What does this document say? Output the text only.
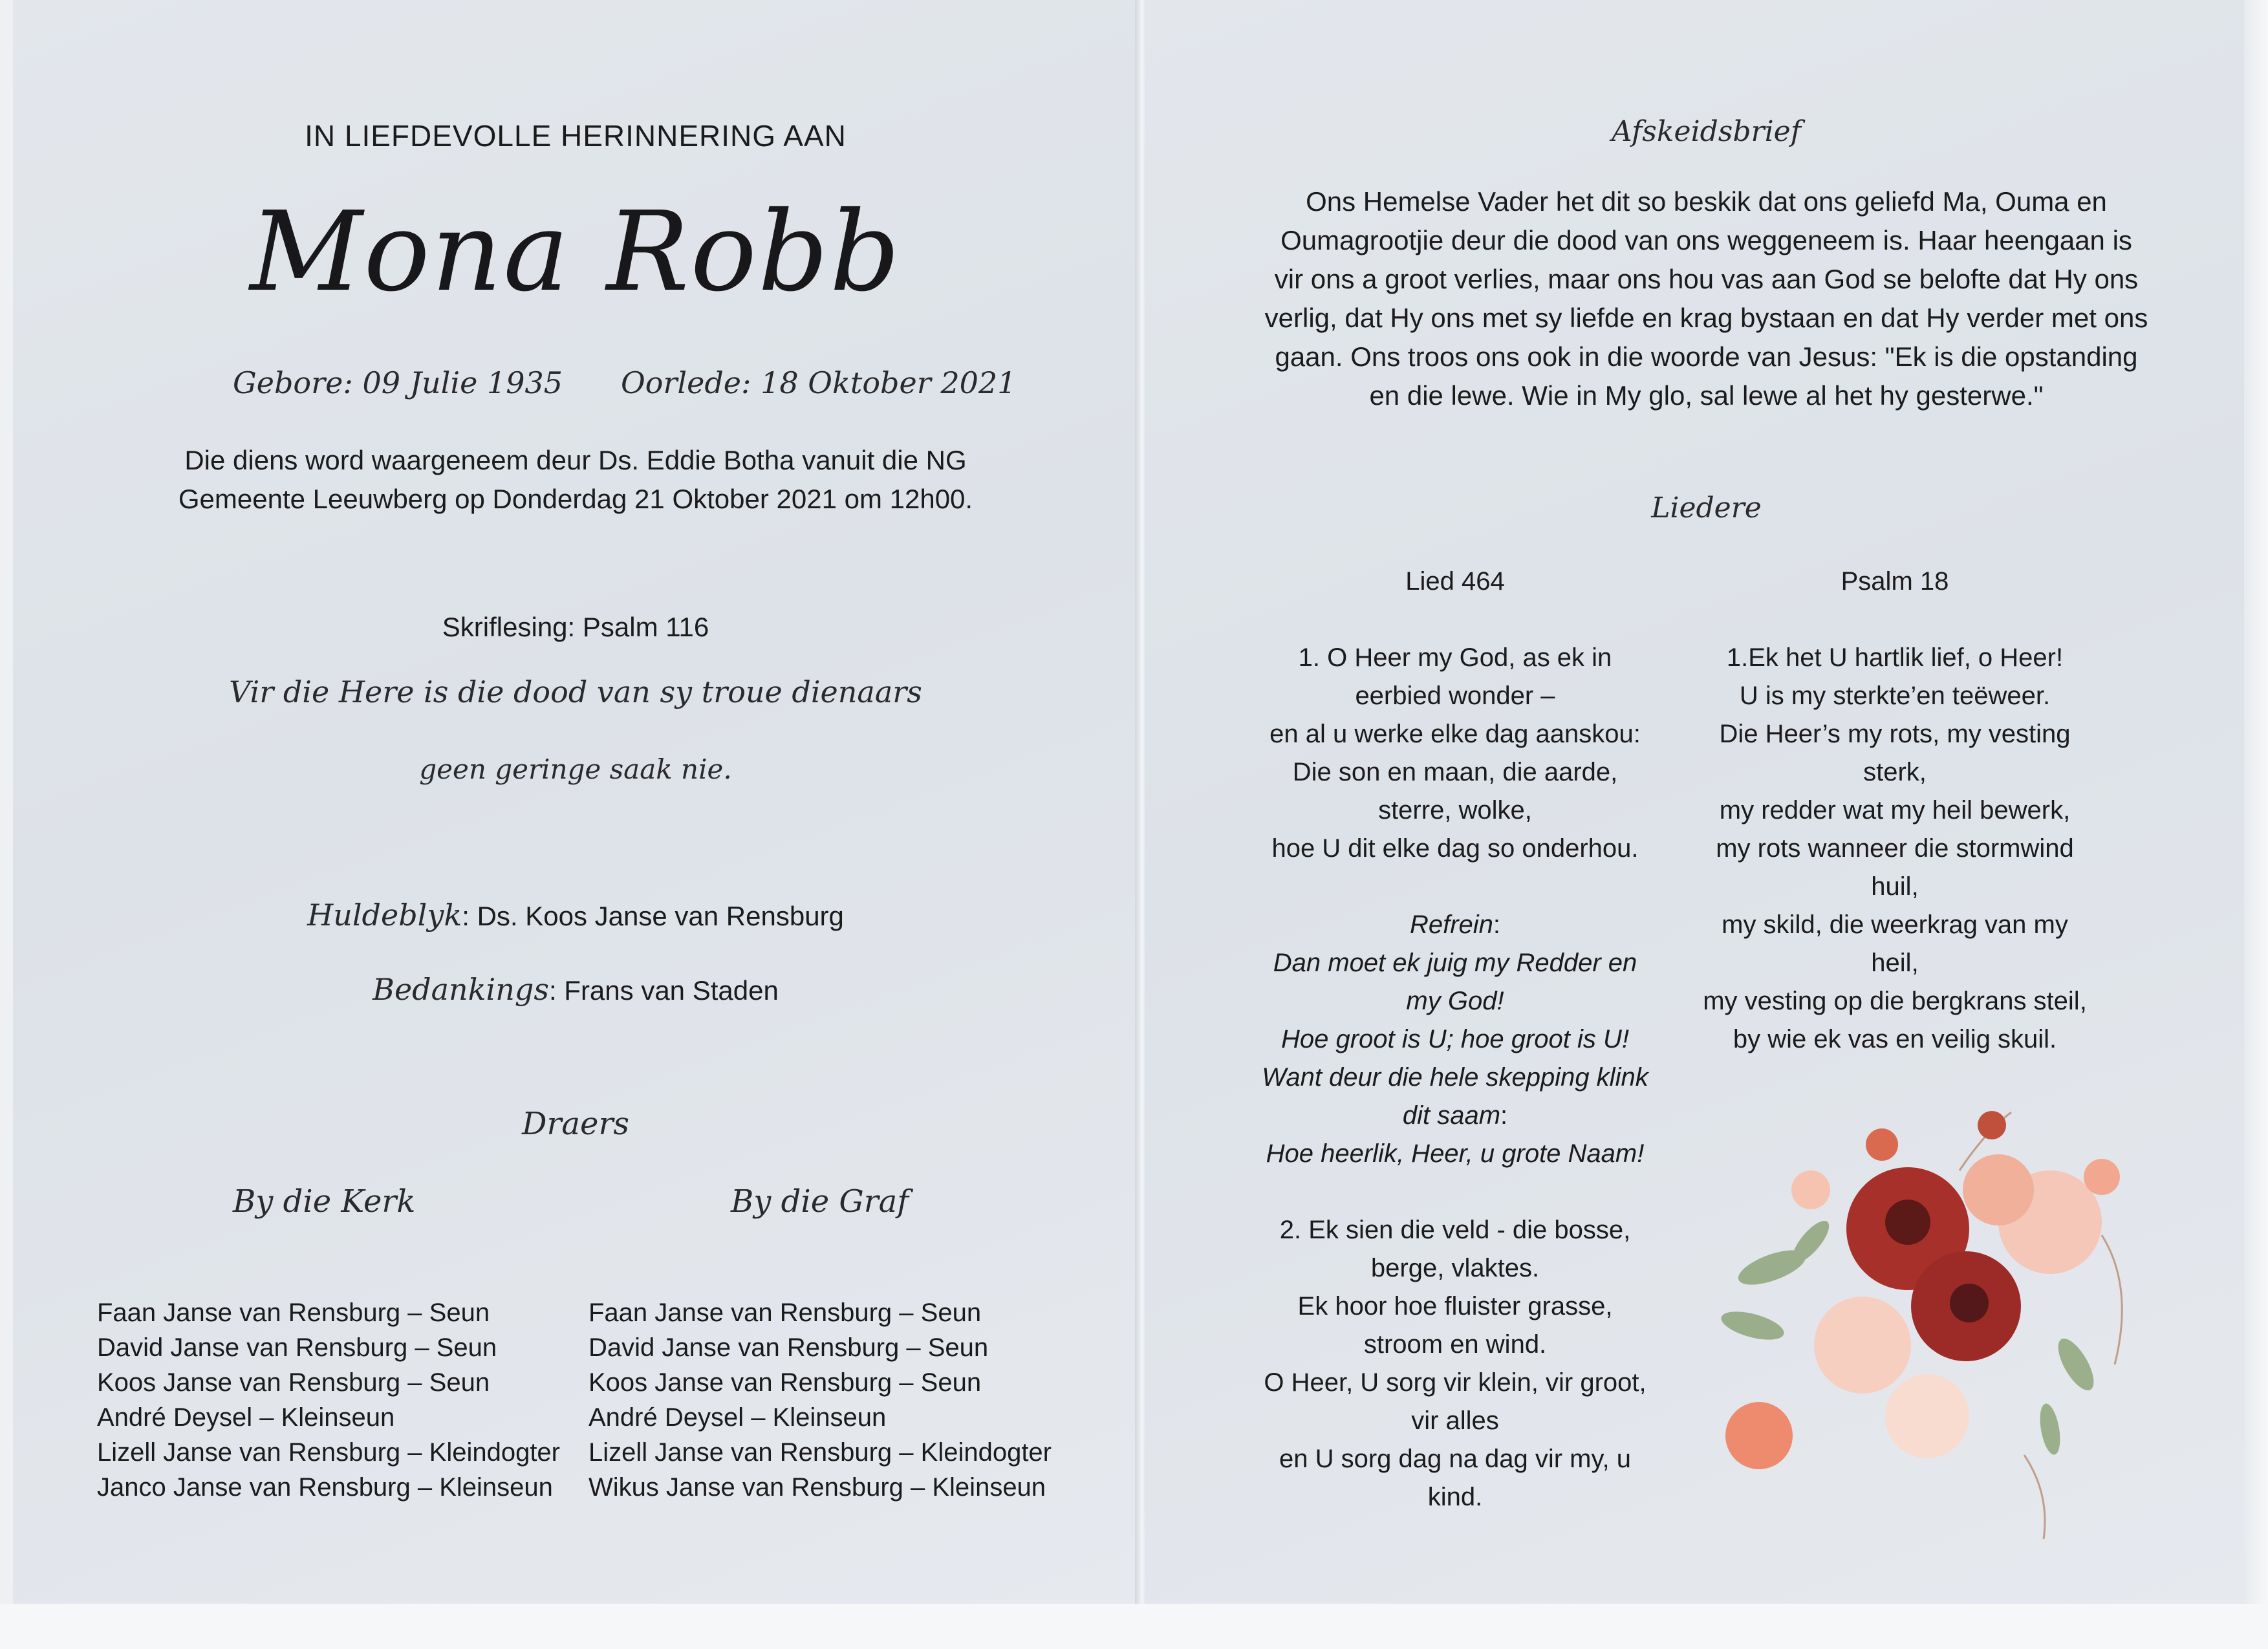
IN LIEFDEVOLLE HERINNERING AAN
Mona Robb
Gebore: 09 Julie 1935 Oorlede: 18 Oktober 2021
Die diens word waargeneem deur Ds. Eddie Botha vanuit die NG
Gemeente Leeuwberg op Donderdag 21 Oktober 2021 om 12h00.
Skriflesing: Psalm 116
Vir die Here is die dood van sy troue dienaars
geen geringe saak nie.
Huldeblyk: Ds. Koos Janse van Rensburg
Bedankings: Frans van Staden
Draers
By die Kerk	By die Graf
Faan Janse van Rensburg – Seun
David Janse van Rensburg – Seun
Koos Janse van Rensburg – Seun
André Deysel – Kleinseun
Lizell Janse van Rensburg – Kleindogter
Janco Janse van Rensburg – Kleinseun
Faan Janse van Rensburg – Seun
David Janse van Rensburg – Seun
Koos Janse van Rensburg – Seun
André Deysel – Kleinseun
Lizell Janse van Rensburg – Kleindogter
Wikus Janse van Rensburg – Kleinseun
Afskeidsbrief
Ons Hemelse Vader het dit so beskik dat ons geliefd Ma, Ouma en
Oumagrootjie deur die dood van ons weggeneem is. Haar heengaan is
vir ons a groot verlies, maar ons hou vas aan God se belofte dat Hy ons
verlig, dat Hy ons met sy liefde en krag bystaan en dat Hy verder met ons
gaan. Ons troos ons ook in die woorde van Jesus: "Ek is die opstanding
en die lewe. Wie in My glo, sal lewe al het hy gesterwe."
Liedere
Lied 464
1. O Heer my God, as ek in
eerbied wonder –
en al u werke elke dag aanskou:
Die son en maan, die aarde,
sterre, wolke,
hoe U dit elke dag so onderhou.
Refrein:
Dan moet ek juig my Redder en
my God!
Hoe groot is U; hoe groot is U!
Want deur die hele skepping klink
dit saam:
Hoe heerlik, Heer, u grote Naam!
2. Ek sien die veld - die bosse,
berge, vlaktes.
Ek hoor hoe fluister grasse,
stroom en wind.
O Heer, U sorg vir klein, vir groot,
vir alles
en U sorg dag na dag vir my, u
kind.
Psalm 18
1.Ek het U hartlik lief, o Heer!
U is my sterkte’en teëweer.
Die Heer’s my rots, my vesting
sterk,
my redder wat my heil bewerk,
my rots wanneer die stormwind
huil,
my skild, die weerkrag van my
heil,
my vesting op die bergkrans steil,
by wie ek vas en veilig skuil.
